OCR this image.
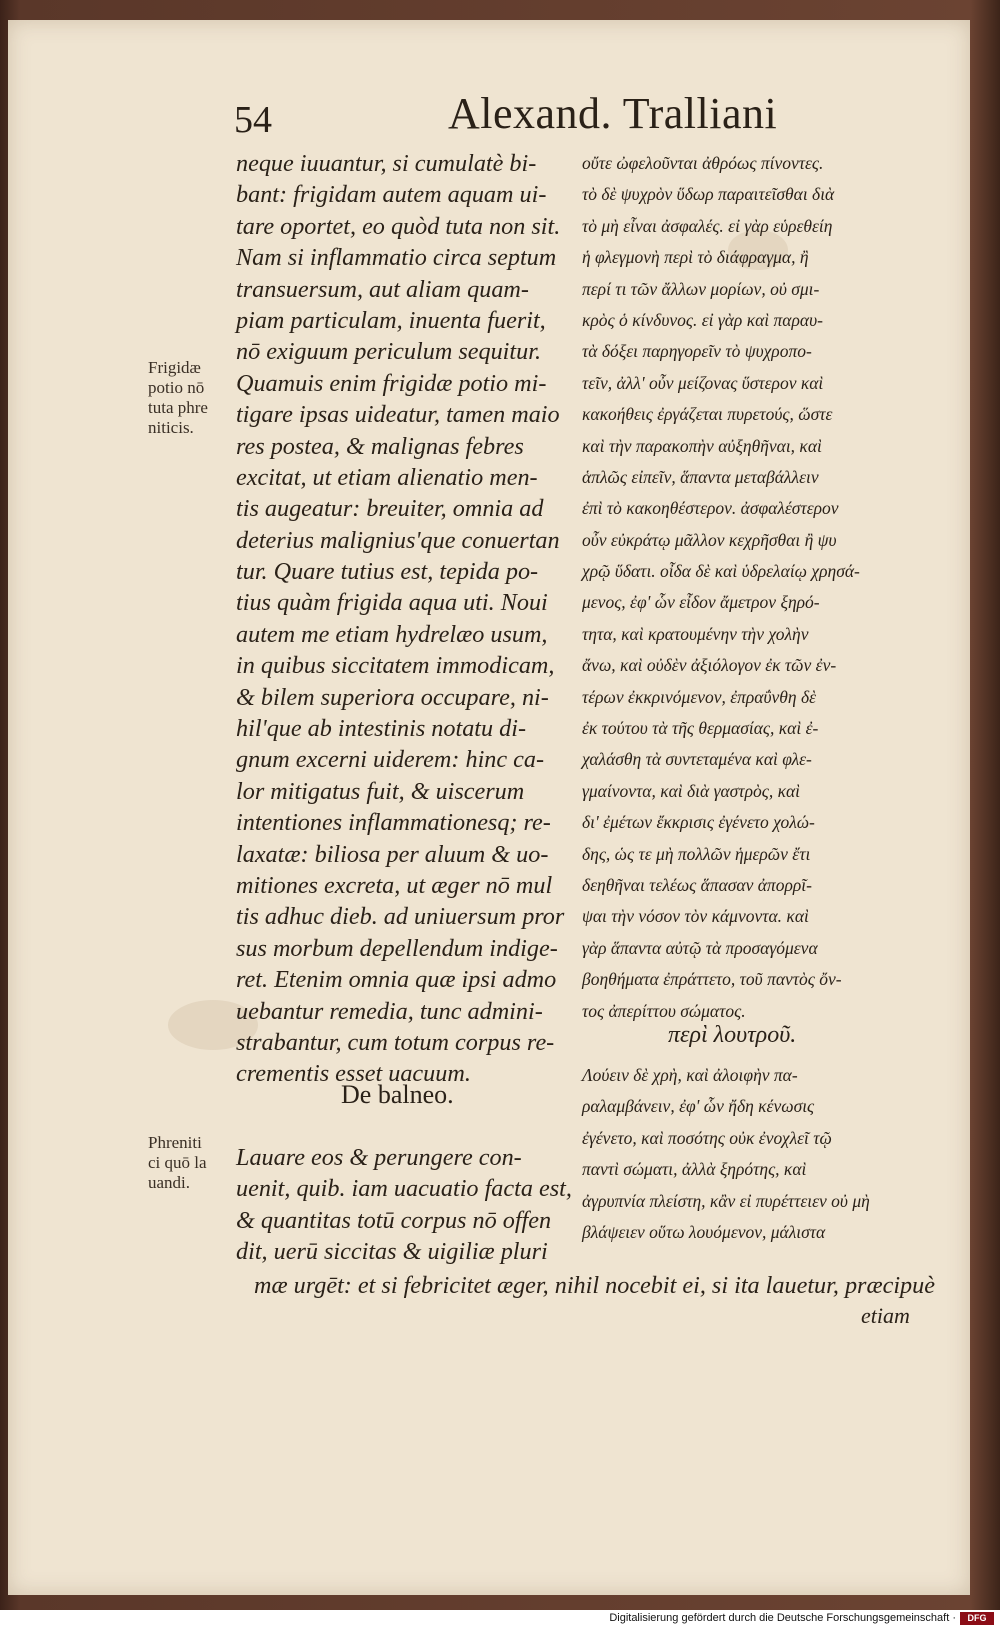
54	Alexand. Tralliani
Frigidæ
potio nō
tuta phre
niticis.
Phreniti
ci quō la
uandi.
neque iuuantur, si cumulatè bi-
bant: frigidam autem aquam ui-
tare oportet, eo quòd tuta non sit.
Nam si inflammatio circa septum
transuersum, aut aliam quam-
piam particulam, inuenta fuerit,
nō exiguum periculum sequitur.
Quamuis enim frigidæ potio mi-
tigare ipsas uideatur, tamen maio
res postea, & malignas febres
excitat, ut etiam alienatio men-
tis augeatur: breuiter, omnia ad
deterius malignius'que conuertan
tur. Quare tutius est, tepida po-
tius quàm frigida aqua uti. Noui
autem me etiam hydrelæo usum,
in quibus siccitatem immodicam,
& bilem superiora occupare, ni-
hil'que ab intestinis notatu di-
gnum excerni uiderem: hinc ca-
lor mitigatus fuit, & uiscerum
intentiones inflammationesq; re-
laxatæ: biliosa per aluum & uo-
mitiones excreta, ut æger nō mul
tis adhuc dieb. ad uniuersum pror
sus morbum depellendum indige-
ret. Etenim omnia quæ ipsi admo
uebantur remedia, tunc admini-
strabantur, cum totum corpus re-
crementis esset uacuum.
De balneo.
Lauare eos & perungere con-
uenit, quib. iam uacuatio facta est,
& quantitas totū corpus nō offen
dit, uerū siccitas & uigiliæ pluri
οὔτε ὠφελοῦνται ἀθρόως πίνοντες.
τὸ δὲ ψυχρὸν ὕδωρ παραιτεῖσθαι διὰ
τὸ μὴ εἶναι ἀσφαλές. εἰ γὰρ εὑρεθείη
ἡ φλεγμονὴ περὶ τὸ διάφραγμα, ἢ
περί τι τῶν ἄλλων μορίων, οὐ σμι-
κρὸς ὁ κίνδυνος. εἰ γὰρ καὶ παραυ-
τὰ δόξει παρηγορεῖν τὸ ψυχροπο-
τεῖν, ἀλλ' οὖν μείζονας ὕστερον καὶ
κακοήθεις ἐργάζεται πυρετούς, ὥστε
καὶ τὴν παρακοπὴν αὐξηθῆναι, καὶ
ἁπλῶς εἰπεῖν, ἅπαντα μεταβάλλειν
ἐπὶ τὸ κακοηθέστερον. ἀσφαλέστερον
οὖν εὐκράτῳ μᾶλλον κεχρῆσθαι ἢ ψυ
χρῷ ὕδατι. οἶδα δὲ καὶ ὑδρελαίῳ χρησά-
μενος, ἐφ' ὧν εἶδον ἄμετρον ξηρό-
τητα, καὶ κρατουμένην τὴν χολὴν
ἄνω, καὶ οὐδὲν ἀξιόλογον ἐκ τῶν ἐν-
τέρων ἐκκρινόμενον, ἐπραΰνθη δὲ
ἐκ τούτου τὰ τῆς θερμασίας, καὶ ἐ-
χαλάσθη τὰ συντεταμένα καὶ φλε-
γμαίνοντα, καὶ διὰ γαστρὸς, καὶ
δι' ἐμέτων ἔκκρισις ἐγένετο χολώ-
δης, ὡς τε μὴ πολλῶν ἡμερῶν ἔτι
δεηθῆναι τελέως ἅπασαν ἀπορρῖ-
ψαι τὴν νόσον τὸν κάμνοντα. καὶ
γὰρ ἅπαντα αὐτῷ τὰ προσαγόμενα
βοηθήματα ἐπράττετο, τοῦ παντὸς ὄν-
τος ἀπερίττου σώματος.
περὶ λουτροῦ.
Λούειν δὲ χρὴ, καὶ ἀλοιφὴν πα-
ραλαμβάνειν, ἐφ' ὧν ἤδη κένωσις
ἐγένετο, καὶ ποσότης οὐκ ἐνοχλεῖ τῷ
παντὶ σώματι, ἀλλὰ ξηρότης, καὶ
ἀγρυπνία πλείστη, κἂν εἰ πυρέττειεν οὐ μὴ
βλάψειεν οὕτω λουόμενον, μάλιστα
mæ urgēt: et si febricitet æger, nihil nocebit ei, si ita lauetur, præcipuè
etiam
Digitalisierung gefördert durch die Deutsche Forschungsgemeinschaft ·	DFG
